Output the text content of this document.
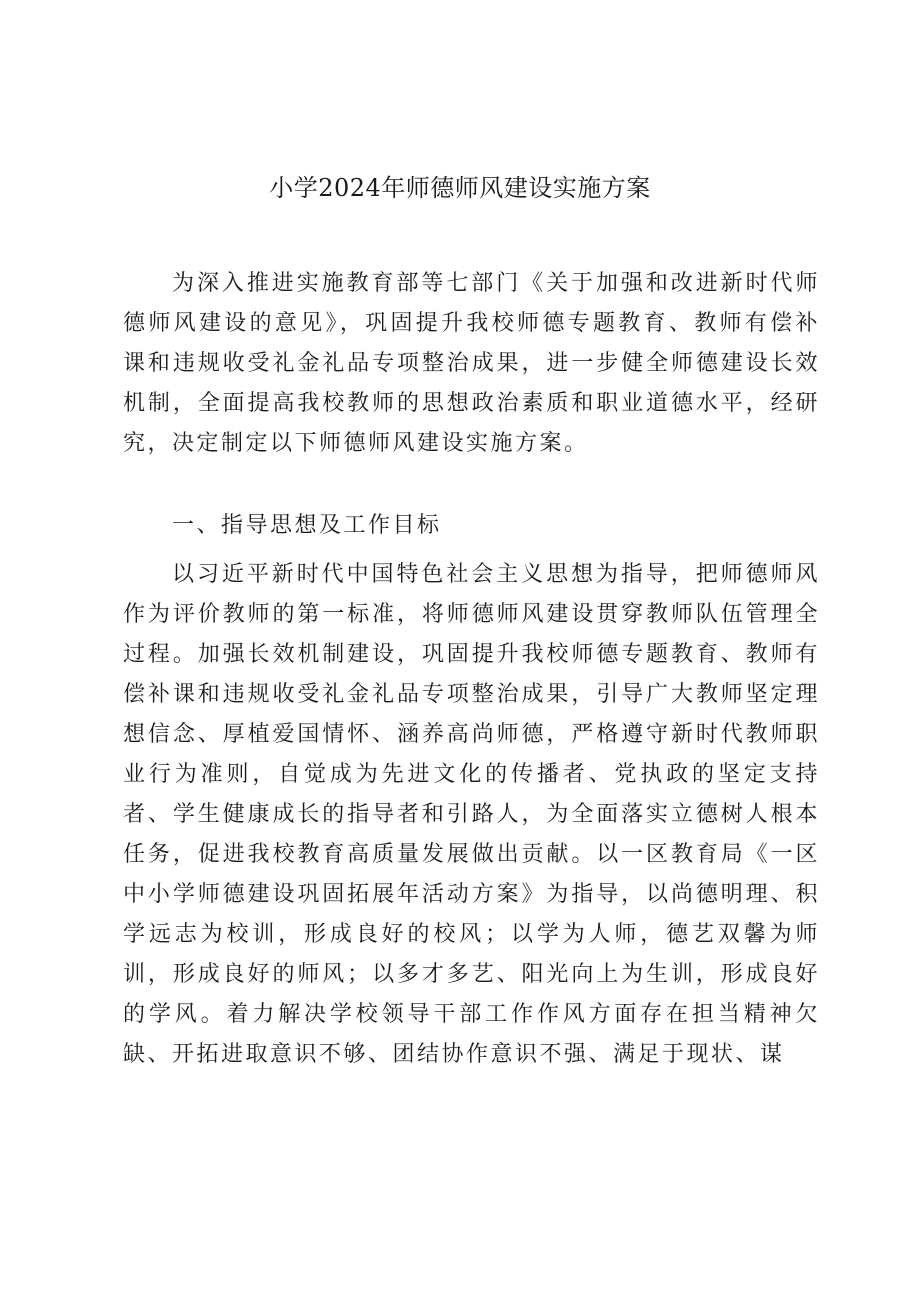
小学2024年师德师风建设实施方案

为深入推进实施教育部等七部门《关于加强和改进新时代师德师风建设的意见》，巩固提升我校师德专题教育、教师有偿补课和违规收受礼金礼品专项整治成果，进一步健全师德建设长效机制，全面提高我校教师的思想政治素质和职业道德水平，经研究，决定制定以下师德师风建设实施方案。

一、指导思想及工作目标

以习近平新时代中国特色社会主义思想为指导，把师德师风作为评价教师的第一标准，将师德师风建设贯穿教师队伍管理全过程。加强长效机制建设，巩固提升我校师德专题教育、教师有偿补课和违规收受礼金礼品专项整治成果，引导广大教师坚定理想信念、厚植爱国情怀、涵养高尚师德，严格遵守新时代教师职业行为准则，自觉成为先进文化的传播者、党执政的坚定支持者、学生健康成长的指导者和引路人，为全面落实立德树人根本任务，促进我校教育高质量发展做出贡献。以一区教育局《一区中小学师德建设巩固拓展年活动方案》为指导，以尚德明理、积学远志为校训，形成良好的校风；以学为人师，德艺双馨为师训，形成良好的师风；以多才多艺、阳光向上为生训，形成良好的学风。着力解决学校领导干部工作作风方面存在担当精神欠缺、开拓进取意识不够、团结协作意识不强、满足于现状、谋
